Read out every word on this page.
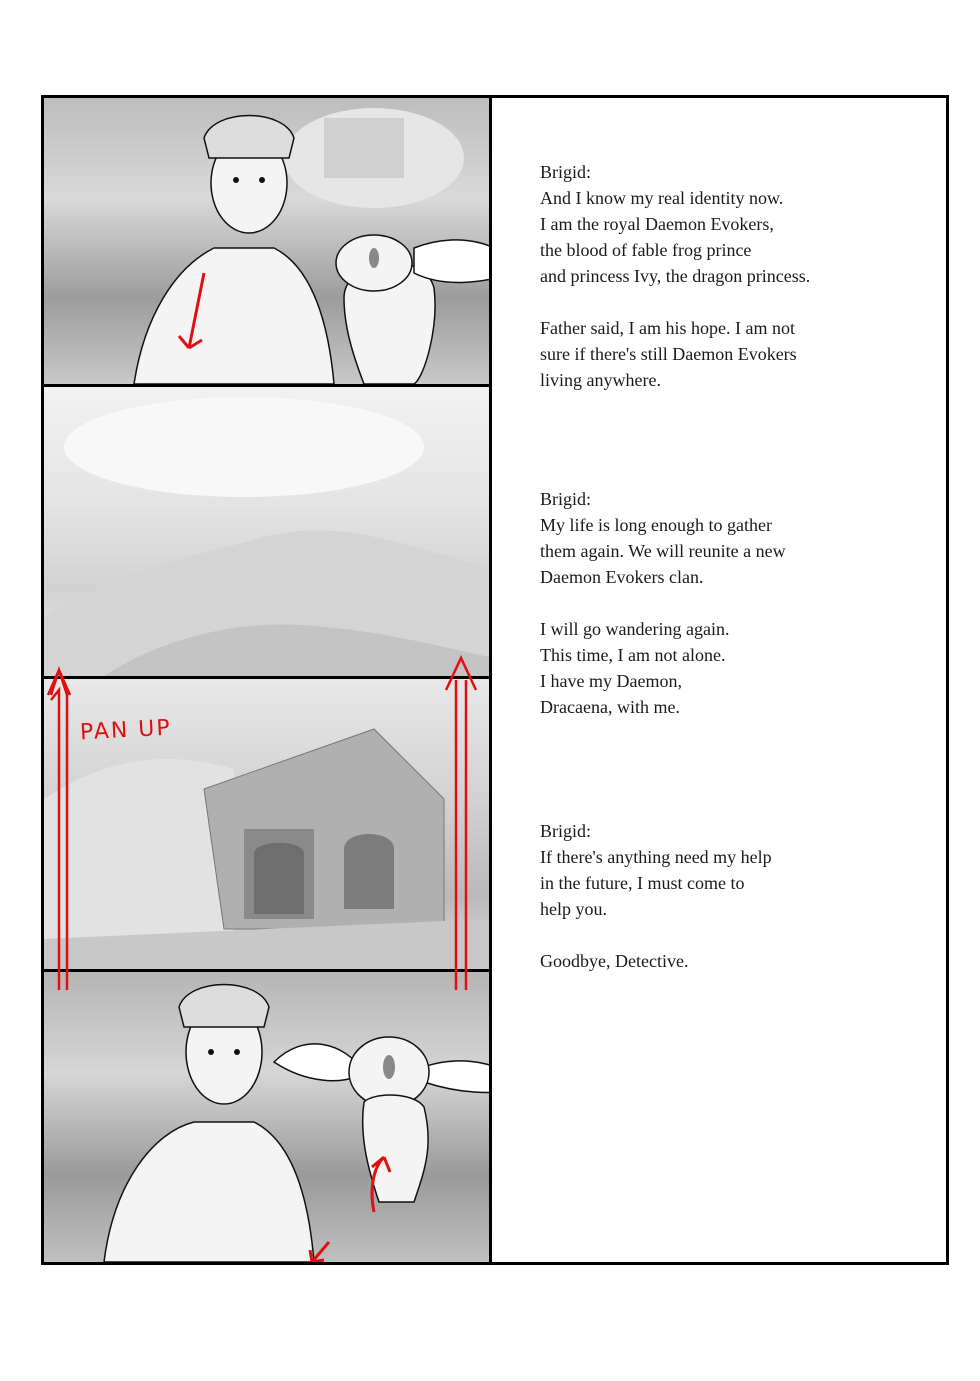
PAN UP

Brigid:

And I know my real identity now.

I am the royal Daemon Evokers,

the blood of fable frog prince

and princess Ivy, the dragon princess.

Father said, I am his hope. I am not

sure if there's still Daemon Evokers

living anywhere.

Brigid:

My life is long enough to gather

them again. We will reunite a new

Daemon Evokers clan.

I will go wandering again.

This time, I am not alone.

I have my Daemon,

Dracaena, with me.

Brigid:

If there's anything need my help

in the future, I must come to

help you.

Goodbye, Detective.
